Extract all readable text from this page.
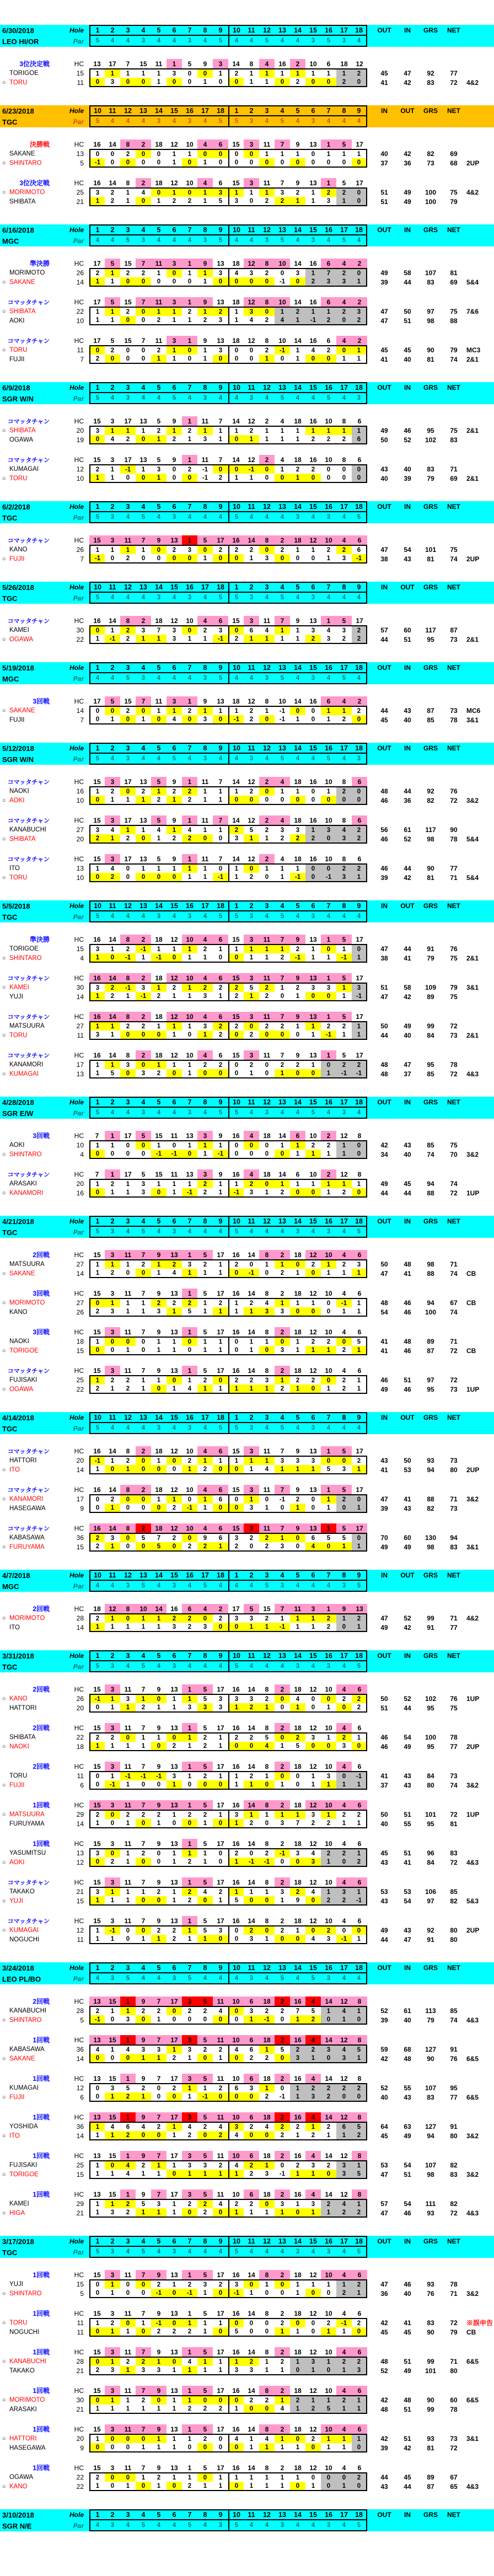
6/30/2018	Hole	1	2	3	4	5	6	7	8	9	10	11	12	13	14	15	16	17	18	OUT	IN	GRS	NET
LEO HI/OR	Par	5	4	4	3	4	4	3	4	5	4	4	5	4	4	3	5	3	4
3位決定戦	HC	13	17	7	15	11	1	5	9	3	14	8	4	16	2	10	6	18	12
TORIGOE	15	1	1	1	1	1	3	0	0	1	2	1	1	1	1	1	1	1	2	45	47	92	77
○ TORU	11	0	3	0	0	1	0	0	1	0	0	1	1	0	2	0	0	2	0	41	42	83	72	4&2
6/23/2018	Hole	10	11	12	13	14	15	16	17	18	1	2	3	4	5	6	7	8	9	IN	OUT	GRS	NET
TGC	Par	5	4	4	4	3	4	3	4	5	5	3	4	5	4	3	4	4	4
決勝戦	HC	16	14	8	2	18	12	10	4	6	15	3	11	7	9	13	1	5	17
SAKANE	13	0	0	2	0	0	1	1	0	0	0	0	1	1	1	0	1	1	1	40	42	82	69
○ SHINTARO	5	-1	0	0	0	0	1	0	1	0	0	0	0	0	0	0	0	0	0	37	36	73	68	2UP
3位決定戦	HC	16	14	8	2	18	12	10	4	6	15	3	11	7	9	13	1	5	17
○ MORIMOTO	25	3	2	1	4	0	1	0	1	3	1	1	1	3	2	1	2	2	0	51	49	100	75	4&2
SHIBATA	21	1	2	1	0	1	2	2	1	5	3	0	2	2	1	1	3	1	0	51	49	100	79
6/16/2018	Hole	1	2	3	4	5	6	7	8	9	10	11	12	13	14	15	16	17	18	OUT	IN	GRS	NET
MGC	Par	4	4	5	3	4	4	4	3	5	4	4	3	5	4	3	4	5	4
準決勝	HC	17	5	15	7	11	3	1	9	13	18	12	8	10	14	16	6	4	2
MORIMOTO	26	2	1	2	2	1	0	1	1	3	4	3	2	0	3	1	7	2	0	49	58	107	81
○ SAKANE	14	1	1	0	0	0	0	0	1	0	0	0	0	-1	0	2	3	3	1	39	44	83	69	5&4
コマッタチャン	HC	17	5	15	7	11	3	1	9	13	18	12	8	10	14	16	6	4	2
○ SHIBATA	22	1	1	2	0	1	1	2	1	2	1	3	0	1	2	1	1	2	3	47	50	97	75	7&6
AOKI	10	1	1	0	0	2	1	1	2	3	1	4	2	4	1	-1	2	0	2	47	51	98	88
コマッタチャン	HC	17	5	15	7	11	3	1	9	13	18	12	8	10	14	16	6	4	2
○ TORU	11	0	2	0	0	2	1	0	1	3	0	0	2	-1	1	4	2	0	1	45	45	90	79	MC3
FUJII	7	2	0	0	0	1	1	0	1	0	0	0	1	0	1	0	0	1	1	41	40	81	74	2&1
6/9/2018	Hole	1	2	3	4	5	6	7	8	9	10	11	12	13	14	15	16	17	18	OUT	IN	GRS	NET
SGR W/N	Par	5	4	3	4	4	5	4	3	4	4	3	4	5	4	4	5	4	3
コマッタチャン	HC	15	3	17	13	5	9	1	11	7	14	12	2	4	18	16	10	8	6
○ SHIBATA	20	3	1	1	1	2	1	2	1	1	1	2	1	1	1	1	1	1	1	49	46	95	75	2&1
OGAWA	19	0	4	2	0	1	2	1	3	1	0	1	1	1	1	2	2	2	6	50	52	102	83
コマッタチャン	HC	15	3	17	13	5	9	1	11	7	14	12	2	4	18	16	10	8	6
KUMAGAI	12	2	1	-1	1	3	0	2	-1	0	0	-1	0	1	2	2	0	0	0	43	40	83	71
○ TORU	10	1	1	0	0	1	0	0	-1	2	1	1	0	0	1	0	0	0	0	40	39	79	69	2&1
6/2/2018	Hole	1	2	3	4	5	6	7	8	9	10	11	12	13	14	15	16	17	18	OUT	IN	GRS	NET
TGC	Par	5	3	4	5	4	3	4	4	4	5	4	4	4	3	4	3	4	5
コマッタチャン	HC	15	3	11	7	9	13	1	5	17	16	14	8	2	18	12	10	4	6
KANO	26	1	1	1	1	0	2	3	0	2	2	2	0	2	1	1	2	2	6	47	54	101	75
○ FUJII	7	-1	0	2	0	0	0	0	1	0	0	1	3	0	0	0	1	3	-1	38	43	81	74	2UP
5/26/2018	Hole	10	11	12	13	14	15	16	17	18	1	2	3	4	5	6	7	8	9	IN	OUT	GRS	NET
TGC	Par	5	4	4	4	3	4	3	4	5	5	3	4	5	4	3	4	4	4
コマッタチャン	HC	16	14	8	2	18	12	10	4	6	15	3	11	7	9	13	1	5	17
KAMEI	30	0	1	2	3	7	3	0	2	3	0	6	4	1	1	3	4	3	2	57	60	117	87
○ OGAWA	22	1	-1	2	1	1	3	1	1	-1	2	1	1	1	1	2	3	2	2	44	51	95	73	2&1
5/19/2018	Hole	1	2	3	4	5	6	7	8	9	10	11	12	13	14	15	16	17	18	OUT	IN	GRS	NET
MGC	Par	4	4	5	3	4	4	4	3	5	4	4	3	5	4	3	4	5	4
3回戦	HC	17	5	15	7	11	3	1	9	13	18	12	8	10	14	16	6	4	2
○ SAKANE	14	0	0	2	0	1	1	2	1	1	1	2	1	-1	0	0	1	1	2	44	43	87	73	MC6
FUJII	7	0	1	0	1	0	4	0	3	0	-1	2	0	-1	1	0	1	2	0	45	40	85	78	3&1
5/12/2018	Hole	1	2	3	4	5	6	7	8	9	10	11	12	13	14	15	16	17	18	OUT	IN	GRS	NET
SGR W/N	Par	5	4	3	4	4	5	4	3	4	4	3	4	5	4	4	5	4	3
コマッタチャン	HC	15	3	17	13	5	9	1	11	7	14	12	2	4	18	16	10	8	6
NAOKI	16	1	2	0	2	1	2	2	1	1	1	2	0	1	1	0	1	2	0	48	44	92	76
○ AOKI	10	0	1	1	1	2	1	2	1	1	0	0	0	0	0	0	0	0	0	46	36	82	72	3&2
コマッタチャン	HC	15	3	17	13	5	9	1	11	7	14	12	2	4	18	16	10	8	6
KANABUCHI	27	3	4	1	1	4	1	4	1	1	2	5	2	3	3	1	3	4	2	56	61	117	90
○ SHIBATA	20	2	1	2	0	1	2	2	0	0	3	1	1	2	2	2	0	3	2	46	52	98	78	5&4
コマッタチャン	HC	15	3	17	13	5	9	1	11	7	14	12	2	4	18	16	10	8	6
ITO	13	1	4	0	1	1	1	1	1	0	1	0	1	1	1	0	0	2	2	46	44	90	77
○ TORU	10	0	2	0	0	0	0	1	1	-1	1	2	0	1	-1	0	-1	3	1	39	42	81	71	5&4
5/5/2018	Hole	10	11	12	13	14	15	16	17	18	1	2	3	4	5	6	7	8	9	IN	OUT	GRS	NET
TGC	Par	5	4	4	4	3	4	3	4	5	5	3	4	5	4	3	4	4	4
準決勝	HC	16	14	8	2	18	12	10	4	6	15	3	11	7	9	13	1	5	17
TORIGOE	15	3	1	2	-1	1	1	1	2	1	1	1	1	1	2	1	0	1	0	47	44	91	76
○ SHINTARO	4	1	0	-1	1	-1	0	1	1	0	0	1	1	2	-1	1	1	-1	1	38	41	79	75	2&1
コマッタチャン	HC	16	14	8	2	18	12	10	4	6	15	3	11	7	9	13	1	5	17
○ KAMEI	30	3	2	-1	3	1	2	1	2	2	2	5	2	1	2	3	3	1	3	51	58	109	79	3&1
YUJI	14	1	2	1	-1	2	1	1	3	1	2	1	2	0	1	0	0	1	-1	47	42	89	75
コマッタチャン	HC	16	14	8	2	18	12	10	4	6	15	3	11	7	9	13	1	5	17
MATSUURA	27	1	1	2	2	1	1	1	3	2	2	0	2	2	1	1	2	2	1	50	49	99	72
○ TORU	11	3	1	0	0	0	1	0	1	2	0	2	0	0	0	1	-1	1	1	44	40	84	73	2&1
コマッタチャン	HC	16	14	8	2	18	12	10	4	6	15	3	11	7	9	13	1	5	17
KANAMORI	17	1	1	3	0	1	1	1	2	2	0	2	0	2	2	1	0	2	2	48	47	95	78
○ KUMAGAI	13	1	5	0	3	2	0	1	0	0	0	1	0	1	0	0	1	-1	-1	48	37	85	72	4&3
4/28/2018	Hole	1	2	3	4	5	6	7	8	9	10	11	12	13	14	15	16	17	18	OUT	IN	GRS	NET
SGR E/W	Par	5	4	4	3	4	4	3	4	5	5	4	3	4	4	5	4	3	4
3回戦	HC	7	1	17	5	15	11	13	3	9	16	4	18	14	6	10	2	12	8
AOKI	10	1	1	0	0	1	0	1	1	1	0	0	0	1	1	2	2	1	0	42	43	85	75
○ SHINTARO	4	0	0	0	0	-1	-1	0	1	-1	0	0	0	0	1	1	1	1	0	34	40	74	70	3&2
コマッタチャン	HC	7	1	17	5	15	11	13	3	9	16	4	18	14	6	10	2	12	8
ARASAKI	20	1	2	1	3	1	1	1	2	1	1	2	0	1	1	1	1	1	1	49	45	94	74
○ KANAMORI	16	0	1	1	3	0	1	-1	2	1	-1	3	1	2	0	0	1	2	0	44	44	88	72	1UP
4/21/2018	Hole	1	2	3	4	5	6	7	8	9	10	11	12	13	14	15	16	17	18	OUT	IN	GRS	NET
TGC	Par	5	3	4	5	4	3	4	4	4	5	4	4	4	3	4	3	4	5
2回戦	HC	15	3	11	7	9	13	1	5	17	16	14	8	2	18	12	10	4	6
MATSUURA	27	1	1	1	2	1	2	3	2	1	2	0	1	1	0	2	1	2	3	50	48	98	71
○ SAKANE	14	1	2	0	0	1	4	1	1	1	0	-1	0	2	1	0	1	1	1	47	41	88	74	CB
3回戦	HC	15	3	11	7	9	13	1	5	17	16	14	8	2	18	12	10	4	6
○ MORIMOTO	27	0	1	1	1	2	2	2	1	2	1	2	4	1	1	1	0	-1	1	48	46	94	67	CB
KANO	26	2	3	1	1	3	1	5	1	1	1	1	3	3	0	0	0	1	1	54	46	100	74
3回戦	HC	15	3	11	7	9	13	1	5	17	16	14	8	2	18	12	10	4	6
NAOKI	18	1	0	0	0	1	1	0	1	1	0	1	1	0	1	2	2	0	5	41	48	89	71
○ TORIGOE	15	0	0	1	0	1	1	0	1	1	0	1	0	3	1	1	1	2	1	41	46	87	72	CB
コマッタチャン	HC	15	3	11	7	9	13	1	5	17	16	14	8	2	18	12	10	4	6
FUJISAKI	25	1	2	2	1	1	0	1	2	0	2	2	3	1	2	2	0	2	1	46	51	97	72
○ OGAWA	22	2	1	2	1	0	1	4	1	1	1	1	1	2	1	0	1	2	1	49	46	95	73	1UP
4/14/2018	Hole	10	11	12	13	14	15	16	17	18	1	2	3	4	5	6	7	8	9	IN	OUT	GRS	NET
TGC	Par	5	4	4	4	3	4	3	4	5	5	3	4	5	4	3	4	4	4
コマッタチャン	HC	16	14	8	2	18	12	10	4	6	15	3	11	7	9	13	1	5	17
HATTORI	20	-1	1	2	0	1	0	2	1	1	1	1	1	3	3	3	0	0	2	43	50	93	73
○ ITO	14	1	0	1	0	0	0	1	2	0	0	1	4	1	1	1	5	3	1	41	53	94	80	2UP
コマッタチャン	HC	16	14	8	2	18	12	10	4	6	15	3	11	7	9	13	1	5	17
○ KANAMORI	17	0	2	0	0	1	1	0	1	6	0	1	0	-1	2	0	1	2	0	47	41	88	71	3&2
HASEGAWA	9	0	1	0	0	0	2	-1	1	0	0	3	1	0	1	0	1	0	1	39	43	82	73
コマッタチャン	HC	16	14	8	2	18	12	10	4	6	15	3	11	7	9	13	1	5	17
KABASAWA	36	2	3	0	5	7	2	0	9	6	3	2	2	1	0	6	5	5	0	70	60	130	94
○ FURUYAMA	15	2	1	0	0	5	0	2	2	1	2	0	2	3	0	4	0	1	1	49	49	98	83	3&1
4/7/2018	Hole	10	11	12	13	14	15	16	17	18	1	2	3	4	5	6	7	8	9	IN	OUT	GRS	NET
MGC	Par	4	4	3	5	4	3	4	5	4	4	4	5	3	4	4	4	3	5
2回戦	HC	18	12	8	10	14	16	6	4	2	17	5	15	7	11	3	1	9	13
○ MORIMOTO	28	2	1	0	1	1	2	2	0	2	3	3	2	1	1	1	2	1	2	47	52	99	71	4&2
ITO	14	1	1	1	1	1	3	2	3	0	0	1	1	-1	1	1	2	0	1	49	42	91	77
3/31/2018	Hole	1	2	3	4	5	6	7	8	9	10	11	12	13	14	15	16	17	18	OUT	IN	GRS	NET
TGC	Par	5	3	4	5	4	3	4	4	4	5	4	4	4	3	4	3	4	5
2回戦	HC	15	3	11	7	9	13	1	5	17	16	14	8	2	18	12	10	4	6
○ KANO	26	-1	1	3	1	0	1	1	5	3	3	3	2	0	4	0	0	2	2	50	52	102	76	1UP
HATTORI	20	0	1	1	2	1	1	3	3	3	1	2	1	0	1	0	1	0	2	51	44	95	75
2回戦	HC	15	3	11	7	9	13	1	5	17	16	14	8	2	18	12	10	4	6
SHIBATA	22	2	2	0	1	1	0	1	2	1	2	2	5	0	2	3	1	2	1	46	54	100	78
○ NAOKI	18	1	1	1	1	0	2	1	2	1	0	0	4	1	5	0	0	3	0	46	49	95	77	2UP
2回戦	HC	15	3	11	7	9	13	1	5	17	16	14	8	2	18	12	10	4	6
TORU	11	0	1	-1	-1	-1	3	1	2	1	1	2	1	0	0	1	3	0	-1	41	43	84	73
○ FUJII	6	0	-1	1	0	0	1	0	0	0	1	1	0	1	0	1	1	1	1	37	43	80	74	3&2
1回戦	HC	15	3	11	7	9	13	1	5	17	16	14	8	2	18	12	10	4	6
○ MATSUURA	29	2	0	2	2	2	1	2	2	1	3	1	1	1	1	3	1	2	2	50	51	101	72	1UP
FURUYAMA	14	1	0	1	0	1	0	0	1	0	1	2	0	3	7	2	2	1	1	40	55	95	81
1回戦	HC	15	3	11	7	9	13	1	5	17	16	14	8	2	18	12	10	4	6
YASUMITSU	13	3	0	1	2	0	1	1	1	0	2	0	2	-1	3	4	2	2	1	45	51	96	83
○ AOKI	12	0	2	1	0	0	1	2	1	0	1	-1	-1	0	0	3	1	0	2	43	41	84	72	4&3
コマッタチャン	HC	15	3	11	7	9	13	1	5	17	16	14	8	2	18	12	10	4	6
TAKAKO	21	3	1	1	1	2	1	2	4	2	1	1	1	3	2	4	1	3	1	53	53	106	85
○ YUJI	15	1	1	1	0	0	1	2	0	1	5	0	0	1	9	0	2	2	-1	43	54	97	82	5&3
コマッタチャン	HC	15	3	11	7	9	13	1	5	17	16	14	8	2	18	12	10	4	6
○ KUMAGAI	12	1	-1	0	0	2	2	1	5	3	0	2	0	2	1	0	2	0	0	49	43	92	80	2UP
NOGUCHI	11	1	1	0	1	1	2	1	1	0	0	3	1	0	0	4	3	-1	1	44	47	91	80
3/24/2018	Hole	1	2	3	4	5	6	7	8	9	10	11	12	13	14	15	16	17	18	OUT	IN	GRS	NET
LEO PL/BO	Par	4	3	5	4	4	3	5	4	4	4	3	4	5	4	5	3	4	4
2回戦	HC	13	15	1	9	7	17	3	5	11	10	6	18	2	16	4	14	12	8
KANABUCHI	28	2	1	1	2	2	0	2	2	4	0	3	2	2	7	5	1	4	1	52	61	113	85
○ SHINTARO	5	-1	0	3	0	1	0	0	0	0	0	1	-1	0	1	2	0	1	0	39	40	79	74	4&3
1回戦	HC	13	15	1	9	7	17	3	5	11	10	6	18	2	16	4	14	12	8
KABASAWA	36	4	1	4	3	3	1	3	2	2	4	6	1	5	2	2	3	4	5	59	68	127	91
○ SAKANE	14	0	0	0	1	1	2	1	0	1	0	2	2	0	3	1	0	3	1	42	48	90	76	6&5
1回戦	HC	13	15	1	9	7	17	3	5	11	10	6	18	2	16	4	14	12	8
KUMAGAI	12	0	3	5	2	0	2	1	1	2	6	3	1	0	1	2	2	2	2	52	55	107	95
○ FUJII	6	0	1	2	1	0	0	1	-1	0	0	0	2	-1	1	3	2	0	0	40	43	83	77	6&5
1回戦	HC	13	15	1	9	7	17	3	5	11	10	6	18	2	16	4	14	12	8
YOSHIDA	36	1	4	6	4	2	1	4	2	4	3	2	4	2	2	1	2	6	5	64	63	127	91
○ ITO	14	1	1	2	0	0	1	2	0	2	4	0	0	2	1	2	1	1	2	45	49	94	80	3&2
1回戦	HC	13	15	1	9	7	17	3	5	11	10	6	18	2	16	4	14	12	8
FUJISAKI	25	1	0	4	2	1	1	3	3	2	4	2	1	0	2	3	2	3	1	53	54	107	82
○ TORIGOE	15	1	1	4	1	1	0	1	1	1	1	2	3	-1	1	1	0	3	5	47	51	98	83	3&2
1回戦	HC	13	15	1	9	7	17	3	5	11	10	6	18	2	16	4	14	12	8
KAMEI	29	1	1	2	5	3	1	2	2	4	2	2	0	3	1	3	2	4	1	57	54	111	82
○ HIGA	21	1	3	2	1	1	1	0	2	0	1	1	1	1	0	1	1	2	2	47	46	93	72	4&3
3/17/2018	Hole	1	2	3	4	5	6	7	8	9	10	11	12	13	14	15	16	17	18	OUT	IN	GRS	NET
TGC	Par	5	3	4	5	4	3	4	4	4	5	4	4	4	3	4	3	4	5
1回戦	HC	15	3	11	7	9	13	1	5	17	16	14	8	2	18	12	10	4	6
YUJI	15	0	1	0	0	2	1	2	3	2	3	0	1	0	1	1	1	1	2	47	46	93	78
○ SHINTARO	5	0	1	0	0	-1	0	-1	1	0	-1	1	0	0	1	0	0	2	1	36	40	76	71	3&2
1回戦	HC	15	3	11	7	9	13	1	5	17	16	14	8	2	18	12	10	4	6
○ TORU	11	1	2	0	1	-1	0	1	1	1	0	0	0	2	0	0	2	-1	2	42	41	83	72	※誤申告
NOGUCHI	11	0	1	1	0	2	2	2	1	0	5	0	0	1	1	0	1	1	0	45	45	90	79	CB
1回戦	HC	15	3	11	7	9	13	1	5	17	16	14	8	2	18	12	10	4	6
○ KANABUCHI	28	0	1	2	2	1	0	4	1	1	1	2	1	2	1	3	1	2	2	48	51	99	71	6&5
TAKAKO	21	2	3	1	3	3	1	1	1	1	3	3	1	1	0	1	0	1	3	52	49	101	80
1回戦	HC	15	3	11	7	9	13	1	5	17	16	14	8	2	18	12	10	4	6
○ MORIMOTO	30	0	1	1	2	0	1	1	0	0	0	2	2	1	2	1	1	2	1	42	48	90	60	6&5
ARASAKI	21	1	1	1	1	1	1	2	2	2	1	0	0	4	1	2	5	1	1	48	51	99	78
1回戦	HC	15	3	11	7	9	13	1	5	17	16	14	8	2	18	12	10	4	6
○ HATTORI	20	1	0	0	0	1	1	1	2	0	4	1	4	1	0	2	1	1	1	42	51	93	73	3&1
HASEGAWA	9	0	0	0	1	1	1	0	0	0	0	1	1	1	1	0	1	1	0	39	42	81	72
1回戦	HC	15	3	11	7	9	13	1	5	17	16	14	8	2	18	12	10	4	6
OGAWA	22	2	0	0	1	2	1	1	0	1	1	1	1	1	1	0	0	0	2	44	45	89	67
○ KANO	22	1	0	1	0	1	0	2	1	1	0	1	1	1	0	1	0	1	0	43	44	87	65	4&3
3/10/2018	Hole	1	2	3	4	5	6	7	8	9	10	11	12	13	14	15	16	17	18	OUT	IN	GRS	NET
SGR N/E	Par	4	3	4	5	4	4	5	4	3	5	4	4	3	4	4	3	4	5
